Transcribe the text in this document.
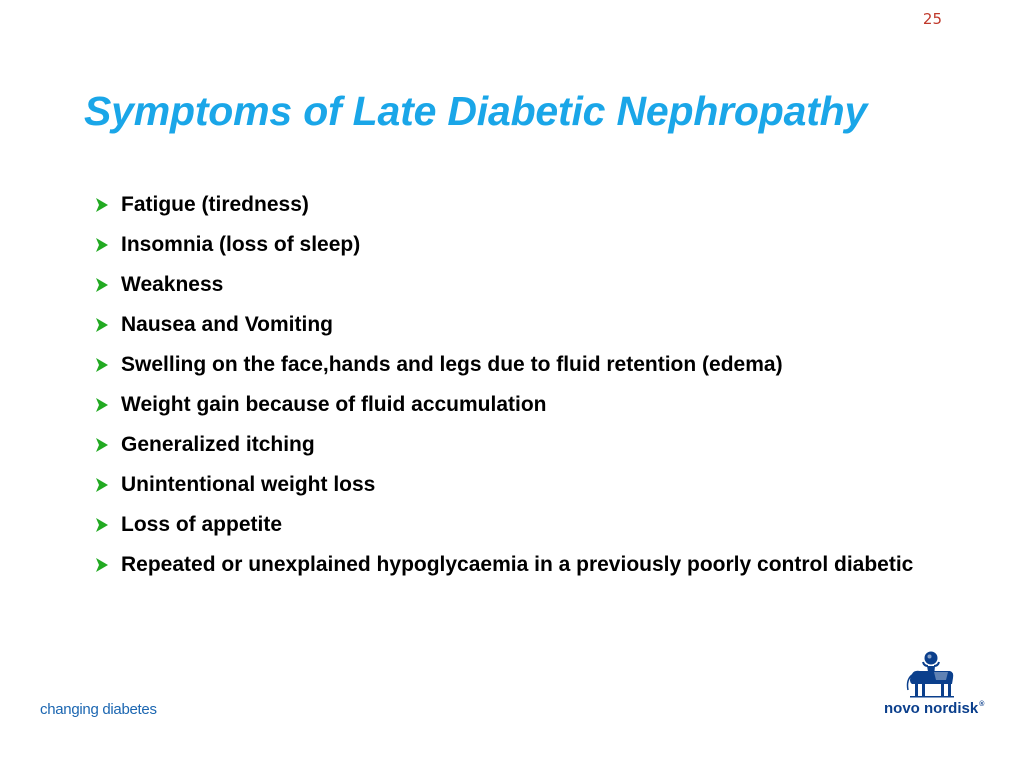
25
Symptoms of Late Diabetic Nephropathy
Fatigue (tiredness)
Insomnia (loss of sleep)
Weakness
Nausea and Vomiting
Swelling on the face,hands and legs due to fluid retention (edema)
Weight gain because of fluid accumulation
Generalized itching
Unintentional weight loss
Loss of appetite
Repeated or unexplained hypoglycaemia in a previously poorly control diabetic
changing diabetes	novo nordisk®
